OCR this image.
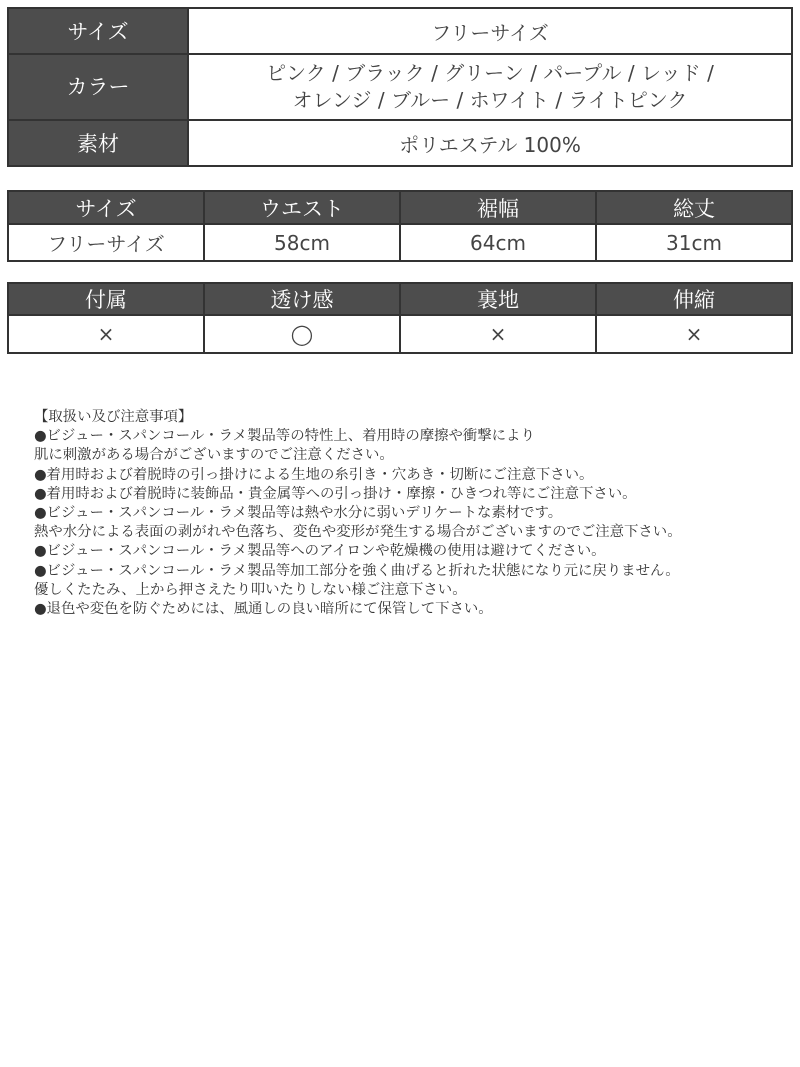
サイズ	フリーサイズ
カラー	ピンク / ブラック / グリーン / パープル / レッド /
オレンジ / ブルー / ホワイト / ライトピンク

素材	ポリエステル 100%
サイズ	ウエスト	裾幅	総丈
フリーサイズ	58cm	64cm	31cm
付属	透け感	裏地	伸縮
×	◯	×	×
【取扱い及び注意事項】
●ビジュー・スパンコール・ラメ製品等の特性上、着用時の摩擦や衝撃により
肌に刺激がある場合がございますのでご注意ください。
●着用時および着脱時の引っ掛けによる生地の糸引き・穴あき・切断にご注意下さい。
●着用時および着脱時に装飾品・貴金属等への引っ掛け・摩擦・ひきつれ等にご注意下さい。
●ビジュー・スパンコール・ラメ製品等は熱や水分に弱いデリケートな素材です。
熱や水分による表面の剥がれや色落ち、変色や変形が発生する場合がございますのでご注意下さい。
●ビジュー・スパンコール・ラメ製品等へのアイロンや乾燥機の使用は避けてください。
●ビジュー・スパンコール・ラメ製品等加工部分を強く曲げると折れた状態になり元に戻りません。
優しくたたみ、上から押さえたり叩いたりしない様ご注意下さい。
●退色や変色を防ぐためには、風通しの良い暗所にて保管して下さい。
